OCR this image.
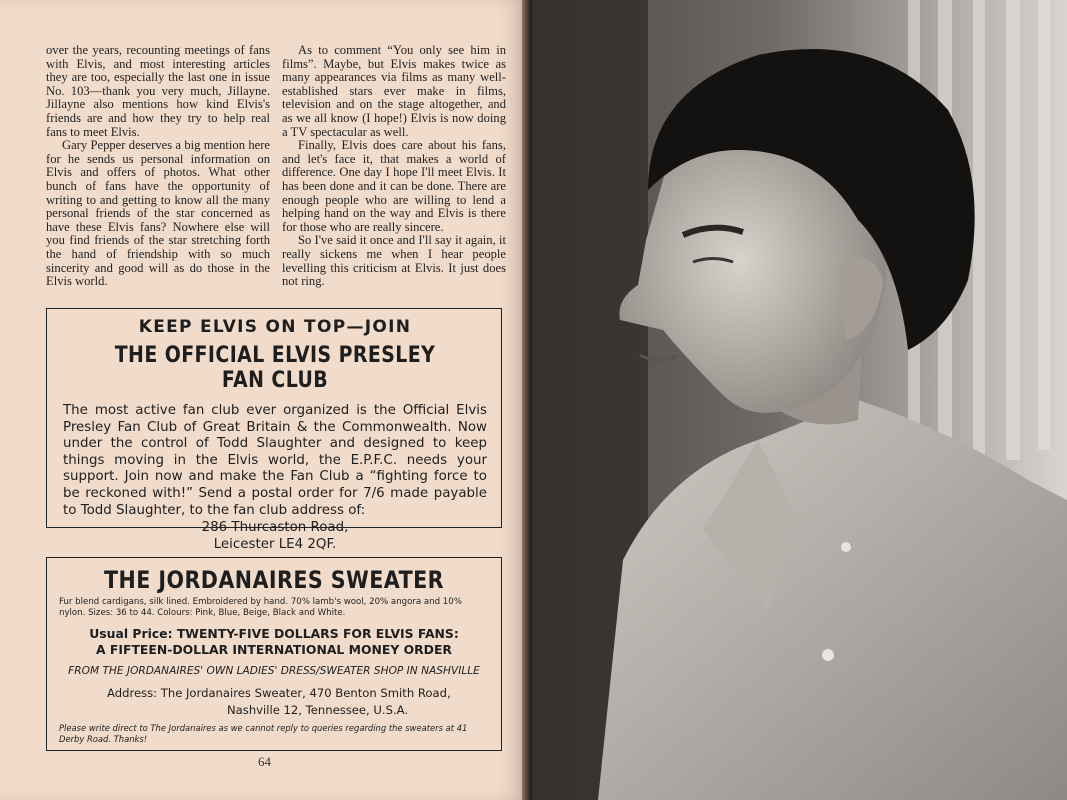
over the years, recounting meetings of fans with Elvis, and most interesting articles they are too, especially the last one in issue No. 103—thank you very much, Jillayne. Jillayne also mentions how kind Elvis's friends are and how they try to help real fans to meet Elvis.

Gary Pepper deserves a big mention here for he sends us personal information on Elvis and offers of photos. What other bunch of fans have the opportunity of writing to and getting to know all the many personal friends of the star concerned as have these Elvis fans? Nowhere else will you find friends of the star stretching forth the hand of friendship with so much sincerity and good will as do those in the Elvis world.

As to comment “You only see him in films”. Maybe, but Elvis makes twice as many appearances via films as many well-established stars ever make in films, television and on the stage altogether, and as we all know (I hope!) Elvis is now doing a TV spectacular as well.

Finally, Elvis does care about his fans, and let's face it, that makes a world of difference. One day I hope I'll meet Elvis. It has been done and it can be done. There are enough people who are willing to lend a helping hand on the way and Elvis is there for those who are really sincere.

So I've said it once and I'll say it again, it really sickens me when I hear people levelling this criticism at Elvis. It just does not ring.

KEEP ELVIS ON TOP—JOIN
THE OFFICIAL ELVIS PRESLEY FAN CLUB
The most active fan club ever organized is the Official Elvis Presley Fan Club of Great Britain & the Commonwealth. Now under the control of Todd Slaughter and designed to keep things moving in the Elvis world, the E.P.F.C. needs your support. Join now and make the Fan Club a “fighting force to be reckoned with!” Send a postal order for 7/6 made payable to Todd Slaughter, to the fan club address of:
286 Thurcaston Road,
Leicester LE4 2QF.
THE JORDANAIRES SWEATER
Fur blend cardigans, silk lined. Embroidered by hand. 70% lamb's wool, 20% angora and 10% nylon. Sizes: 36 to 44. Colours: Pink, Blue, Beige, Black and White.
Usual Price: TWENTY-FIVE DOLLARS FOR ELVIS FANS:
A FIFTEEN-DOLLAR INTERNATIONAL MONEY ORDER
FROM THE JORDANAIRES' OWN LADIES' DRESS/SWEATER SHOP IN NASHVILLE
Address: The Jordanaires Sweater, 470 Benton Smith Road,
Nashville 12, Tennessee, U.S.A.
Please write direct to The Jordanaires as we cannot reply to queries regarding the sweaters at 41 Derby Road. Thanks!
64
